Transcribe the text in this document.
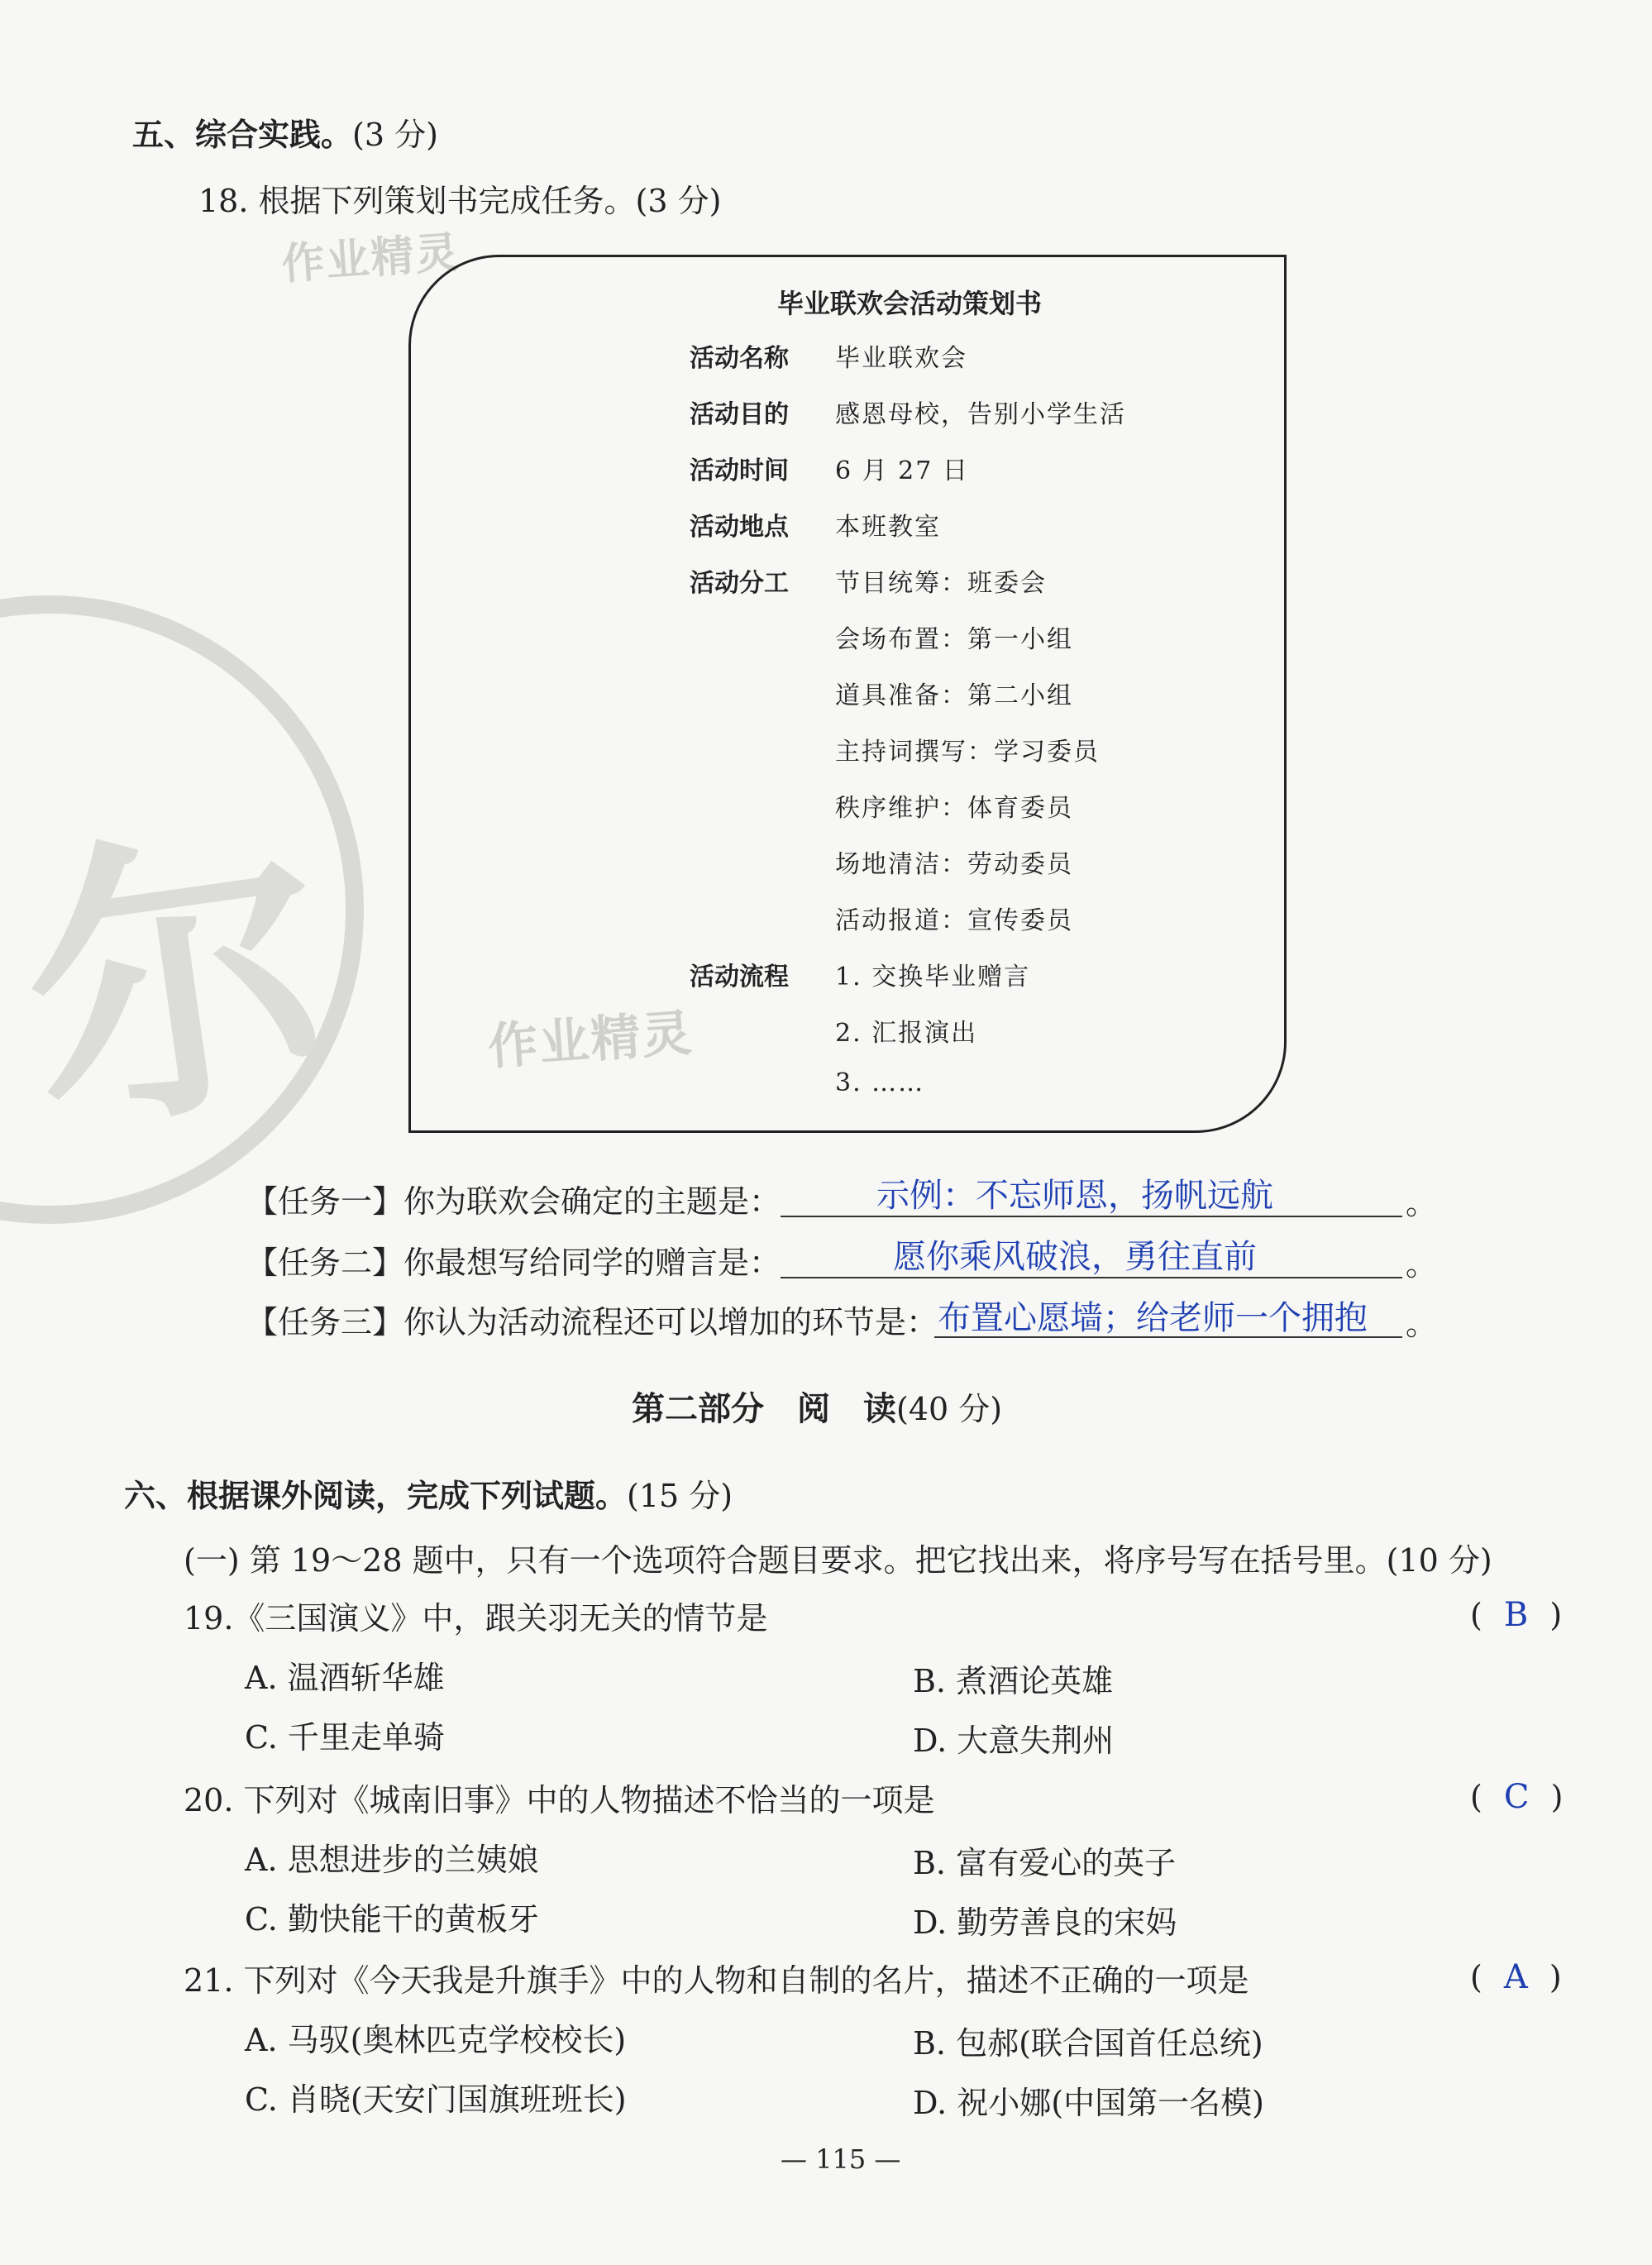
尔
作业精灵
作业精灵
五、综合实践。(3 分)
18. 根据下列策划书完成任务。(3 分)
毕业联欢会活动策划书
活动名称 毕业联欢会
活动目的 感恩母校，告别小学生活
活动时间 6 月 27 日
活动地点 本班教室
活动分工 节目统筹：班委会
会场布置：第一小组
道具准备：第二小组
主持词撰写：学习委员
秩序维护：体育委员
场地清洁：劳动委员
活动报道：宣传委员
活动流程 1. 交换毕业赠言
2. 汇报演出
3. ……
【任务一】你为联欢会确定的主题是：	示例：不忘师恩，扬帆远航	。
【任务二】你最想写给同学的赠言是：	愿你乘风破浪，勇往直前	。
【任务三】你认为活动流程还可以增加的环节是： 布置心愿墙；给老师一个拥抱 。
第二部分　阅　读(40 分)
六、根据课外阅读，完成下列试题。(15 分)
(一) 第 19～28 题中，只有一个选项符合题目要求。把它找出来，将序号写在括号里。(10 分)
19.《三国演义》中，跟关羽无关的情节是	( B )
A. 温酒斩华雄	B. 煮酒论英雄
C. 千里走单骑	D. 大意失荆州
20. 下列对《城南旧事》中的人物描述不恰当的一项是	( C )
A. 思想进步的兰姨娘	B. 富有爱心的英子
C. 勤快能干的黄板牙	D. 勤劳善良的宋妈
21. 下列对《今天我是升旗手》中的人物和自制的名片，描述不正确的一项是	( A )
A. 马驭(奥林匹克学校校长)	B. 包郝(联合国首任总统)
C. 肖晓(天安门国旗班班长)	D. 祝小娜(中国第一名模)
— 115 —
